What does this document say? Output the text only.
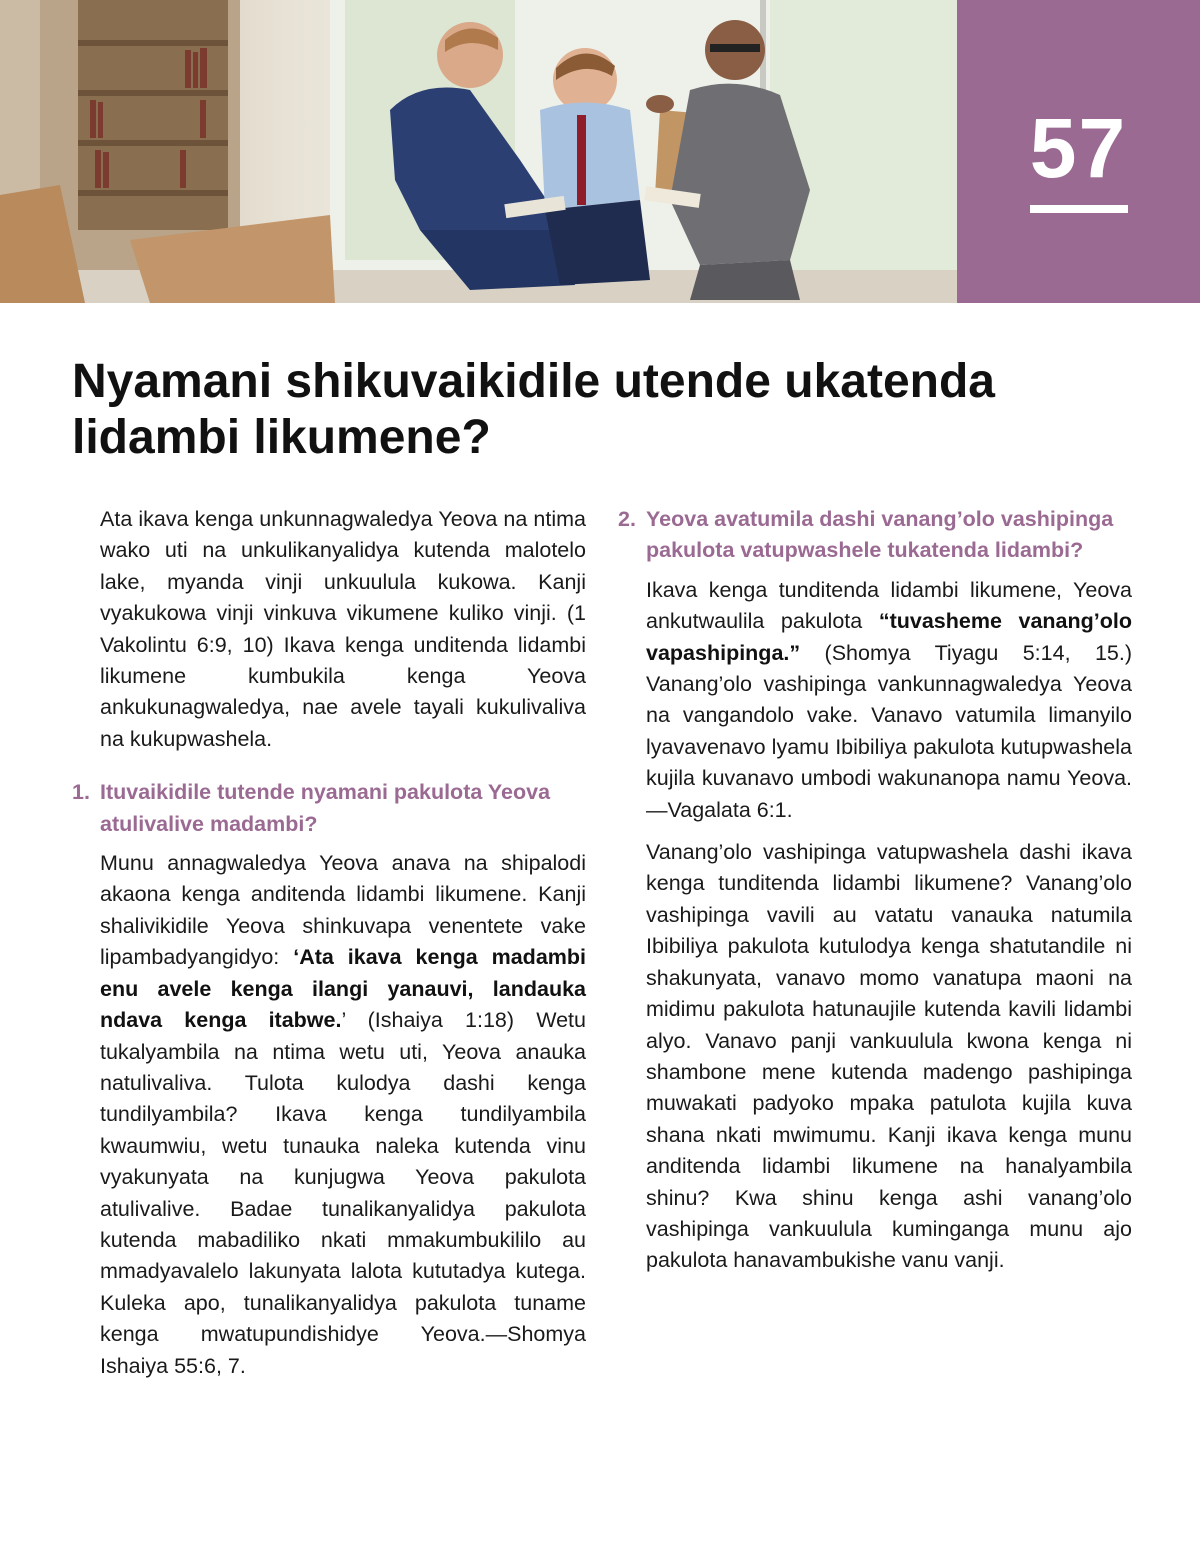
57
Nyamani shikuvaikidile utende ukatenda lidambi likumene?

Ata ikava kenga unkunnagwaledya Yeova na ntima wako uti na unkulikanyalidya kutenda malotelo lake, myanda vinji unkuulula kukowa. Kanji vyakukowa vinji vinkuva vikumene kuliko vinji. (1 Vakolintu 6:9, 10) Ikava kenga unditenda lidambi likumene kumbukila kenga Yeova ankukunagwaledya, nae avele tayali kukulivaliva na kukupwashela.

1. Ituvaikidile tutende nyamani pakulota Yeova atulivalive madambi?

Munu annagwaledya Yeova anava na shipalodi akaona kenga anditenda lidambi likumene. Kanji shalivikidile Yeova shinkuvapa venentete vake lipambadyangidyo: ‘Ata ikava kenga madambi enu avele kenga ilangi yanauvi, landauka ndava kenga itabwe.’ (Ishaiya 1:18) Wetu tukalyambila na ntima wetu uti, Yeova anauka natulivaliva. Tulota kulodya dashi kenga tundilyambila? Ikava kenga tundilyambila kwaumwiu, wetu tunauka naleka kutenda vinu vyakunyata na kunjugwa Yeova pakulota atulivalive. Badae tunalikanyalidya pakulota kutenda mabadiliko nkati mmakumbukililo au mmadyavalelo lakunyata lalota kututadya kutega. Kuleka apo, tunalikanyalidya pakulota tuname kenga mwatupundishidye Yeova.—Shomya Ishaiya 55:6, 7.

2. Yeova avatumila dashi vanang’olo vashipinga pakulota vatupwashele tukatenda lidambi?

Ikava kenga tunditenda lidambi likumene, Yeova ankutwaulila pakulota “tuvasheme vanang’olo vapashipinga.” (Shomya Tiyagu 5:14, 15.) Vanang’olo vashipinga vankunnagwaledya Yeova na vangandolo vake. Vanavo vatumila limanyilo lyavavenavo lyamu Ibibiliya pakulota kutupwashela kujila kuvanavo umbodi wakunanopa namu Yeova.—Vagalata 6:1.

Vanang’olo vashipinga vatupwashela dashi ikava kenga tunditenda lidambi likumene? Vanang’olo vashipinga vavili au vatatu vanauka natumila Ibibiliya pakulota kutulodya kenga shatutandile ni shakunyata, vanavo momo vanatupa maoni na midimu pakulota hatunaujile kutenda kavili lidambi alyo. Vanavo panji vankuulula kwona kenga ni shambone mene kutenda madengo pashipinga muwakati padyoko mpaka patulota kujila kuva shana nkati mwimumu. Kanji ikava kenga munu anditenda lidambi likumene na hanalyambila shinu? Kwa shinu kenga ashi vanang’olo vashipinga vankuulula kuminganga munu ajo pakulota hanavambukishe vanu vanji.
